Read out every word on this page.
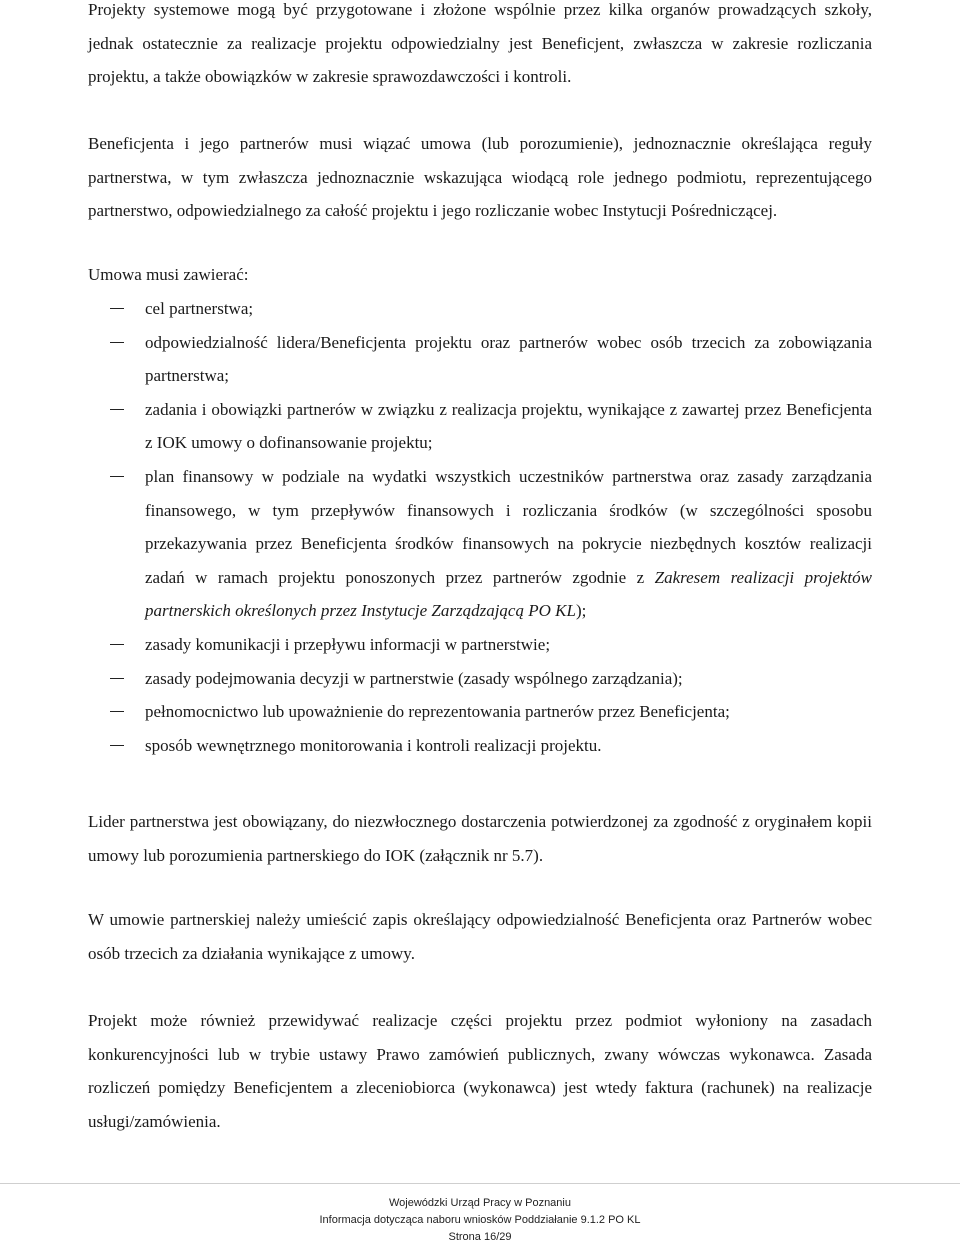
Projekty systemowe mogą być przygotowane i złożone wspólnie przez kilka organów prowadzących szkoły, jednak ostatecznie za realizacje projektu odpowiedzialny jest Beneficjent, zwłaszcza w zakresie rozliczania projektu, a także obowiązków w zakresie sprawozdawczości i kontroli.

Beneficjenta i jego partnerów musi wiązać umowa (lub porozumienie), jednoznacznie określająca reguły partnerstwa, w tym zwłaszcza jednoznacznie wskazująca wiodącą role jednego podmiotu, reprezentującego partnerstwo, odpowiedzialnego za całość projektu i jego rozliczanie wobec Instytucji Pośredniczącej.

Umowa musi zawierać:

cel partnerstwa;
odpowiedzialność lidera/Beneficjenta projektu oraz partnerów wobec osób trzecich za zobowiązania partnerstwa;
zadania i obowiązki partnerów w związku z realizacja projektu, wynikające z zawartej przez Beneficjenta z IOK umowy o dofinansowanie projektu;
plan finansowy w podziale na wydatki wszystkich uczestników partnerstwa oraz zasady zarządzania finansowego, w tym przepływów finansowych i rozliczania środków (w szczególności sposobu przekazywania przez Beneficjenta środków finansowych na pokrycie niezbędnych kosztów realizacji zadań w ramach projektu ponoszonych przez partnerów zgodnie z Zakresem realizacji projektów partnerskich określonych przez Instytucje Zarządzającą PO KL);
zasady komunikacji i przepływu informacji w partnerstwie;
zasady podejmowania decyzji w partnerstwie (zasady wspólnego zarządzania);
pełnomocnictwo lub upoważnienie do reprezentowania partnerów przez Beneficjenta;
sposób wewnętrznego monitorowania i kontroli realizacji projektu.

Lider partnerstwa jest obowiązany, do niezwłocznego dostarczenia potwierdzonej za zgodność z oryginałem kopii umowy lub porozumienia partnerskiego do IOK (załącznik nr 5.7).

W umowie partnerskiej należy umieścić zapis określający odpowiedzialność Beneficjenta oraz Partnerów wobec osób trzecich za działania wynikające z umowy.

Projekt może również przewidywać realizacje części projektu przez podmiot wyłoniony na zasadach konkurencyjności lub w trybie ustawy Prawo zamówień publicznych, zwany wówczas wykonawca. Zasada rozliczeń pomiędzy Beneficjentem a zleceniobiorca (wykonawca) jest wtedy faktura (rachunek) na realizacje usługi/zamówienia.

Wojewódzki Urząd Pracy w Poznaniu

Informacja dotycząca naboru wniosków Poddziałanie 9.1.2 PO KL

Strona 16/29
